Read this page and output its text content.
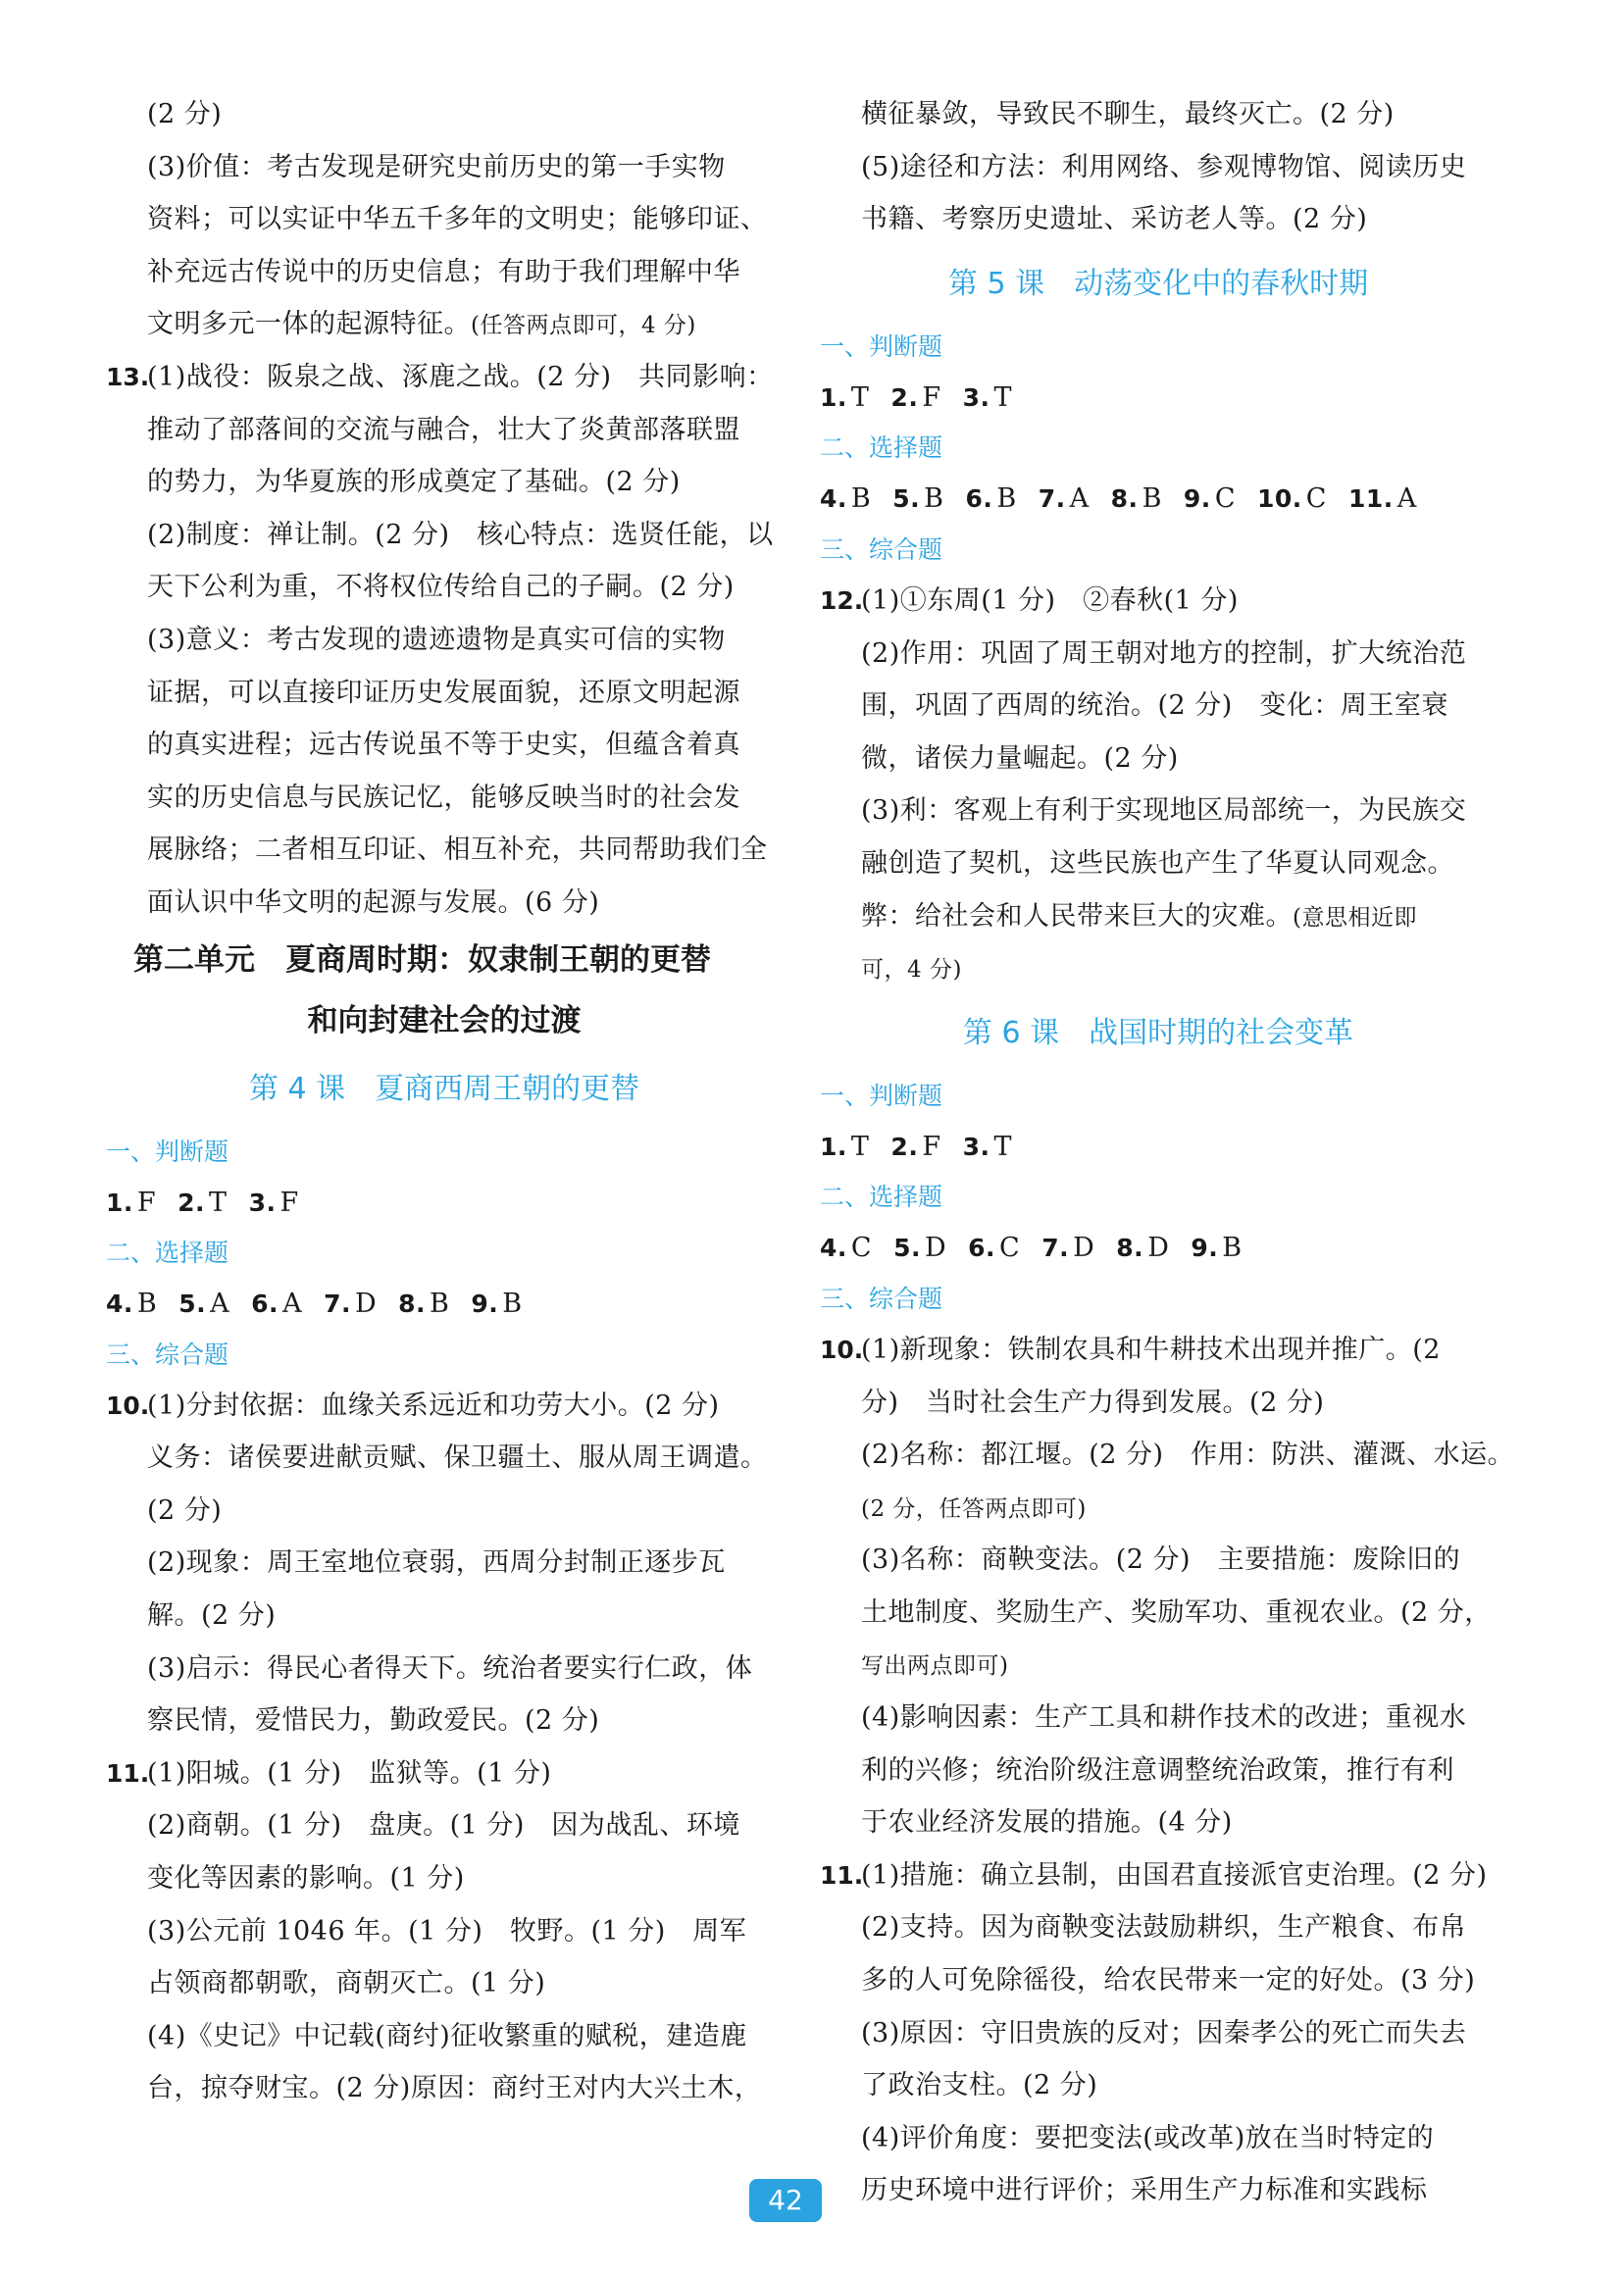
(2 分)
(3)价值：考古发现是研究史前历史的第一手实物
资料；可以实证中华五千多年的文明史；能够印证、
补充远古传说中的历史信息；有助于我们理解中华
文明多元一体的起源特征。(任答两点即可，4 分)
13.
(1)战役：阪泉之战、涿鹿之战。(2 分)　共同影响：
推动了部落间的交流与融合，壮大了炎黄部落联盟
的势力，为华夏族的形成奠定了基础。(2 分)
(2)制度：禅让制。(2 分)　核心特点：选贤任能，以
天下公利为重，不将权位传给自己的子嗣。(2 分)
(3)意义：考古发现的遗迹遗物是真实可信的实物
证据，可以直接印证历史发展面貌，还原文明起源
的真实进程；远古传说虽不等于史实，但蕴含着真
实的历史信息与民族记忆，能够反映当时的社会发
展脉络；二者相互印证、相互补充，共同帮助我们全
面认识中华文明的起源与发展。(6 分)
第二单元　夏商周时期：奴隶制王朝的更替
和向封建社会的过渡
第 4 课　夏商西周王朝的更替
一、判断题
1. F 2. T 3. F
二、选择题
4. B 5. A 6. A 7. D 8. B 9. B
三、综合题
10.
(1)分封依据：血缘关系远近和功劳大小。(2 分)
义务：诸侯要进献贡赋、保卫疆土、服从周王调遣。
(2 分)
(2)现象：周王室地位衰弱，西周分封制正逐步瓦
解。(2 分)
(3)启示：得民心者得天下。统治者要实行仁政，体
察民情，爱惜民力，勤政爱民。(2 分)
11.
(1)阳城。(1 分)　监狱等。(1 分)
(2)商朝。(1 分)　盘庚。(1 分)　因为战乱、环境
变化等因素的影响。(1 分)
(3)公元前 1046 年。(1 分)　牧野。(1 分)　周军
占领商都朝歌，商朝灭亡。(1 分)
(4)《史记》中记载(商纣)征收繁重的赋税，建造鹿
台，掠夺财宝。(2 分)原因：商纣王对内大兴土木，
横征暴敛，导致民不聊生，最终灭亡。(2 分)
(5)途径和方法：利用网络、参观博物馆、阅读历史
书籍、考察历史遗址、采访老人等。(2 分)
第 5 课　动荡变化中的春秋时期
一、判断题
1. T 2. F 3. T
二、选择题
4. B 5. B 6. B 7. A 8. B 9. C 10. C 11. A
三、综合题
12.
(1)①东周(1 分)　②春秋(1 分)
(2)作用：巩固了周王朝对地方的控制，扩大统治范
围，巩固了西周的统治。(2 分)　变化：周王室衰
微，诸侯力量崛起。(2 分)
(3)利：客观上有利于实现地区局部统一，为民族交
融创造了契机，这些民族也产生了华夏认同观念。
弊：给社会和人民带来巨大的灾难。(意思相近即
可，4 分)
第 6 课　战国时期的社会变革
一、判断题
1. T 2. F 3. T
二、选择题
4. C 5. D 6. C 7. D 8. D 9. B
三、综合题
10.
(1)新现象：铁制农具和牛耕技术出现并推广。(2
分)　当时社会生产力得到发展。(2 分)
(2)名称：都江堰。(2 分)　作用：防洪、灌溉、水运。
(2 分，任答两点即可)
(3)名称：商鞅变法。(2 分)　主要措施：废除旧的
土地制度、奖励生产、奖励军功、重视农业。(2 分，
写出两点即可)
(4)影响因素：生产工具和耕作技术的改进；重视水
利的兴修；统治阶级注意调整统治政策，推行有利
于农业经济发展的措施。(4 分)
11.
(1)措施：确立县制，由国君直接派官吏治理。(2 分)
(2)支持。因为商鞅变法鼓励耕织，生产粮食、布帛
多的人可免除徭役，给农民带来一定的好处。(3 分)
(3)原因：守旧贵族的反对；因秦孝公的死亡而失去
了政治支柱。(2 分)
(4)评价角度：要把变法(或改革)放在当时特定的
历史环境中进行评价；采用生产力标准和实践标
42
